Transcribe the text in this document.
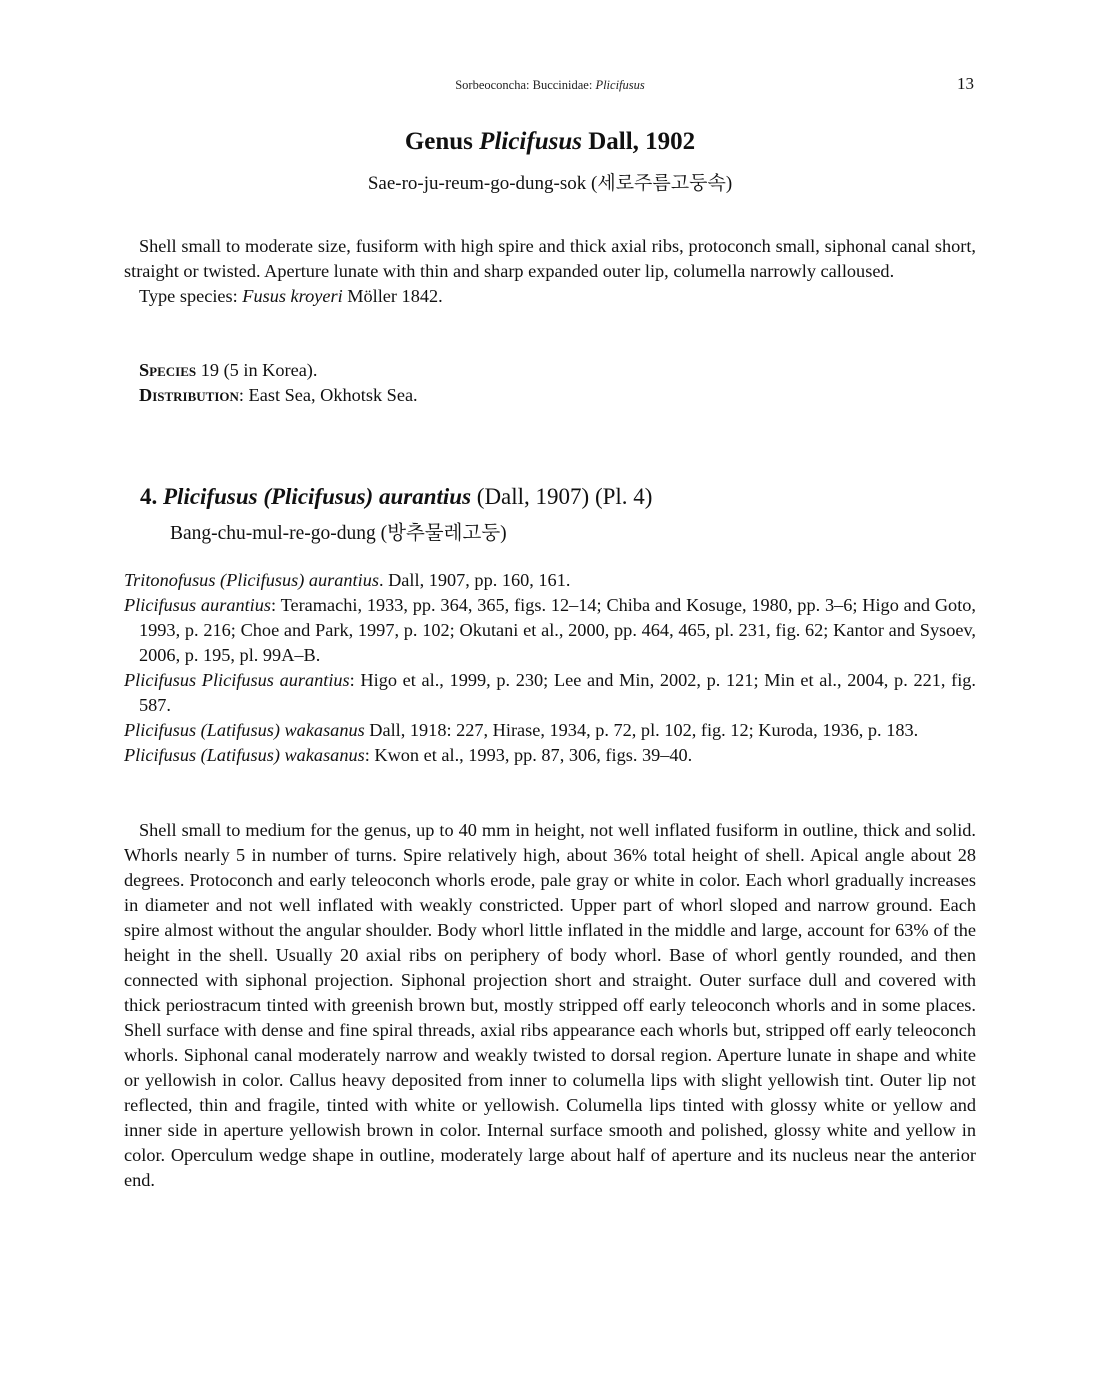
Sorbeoconcha: Buccinidae: Plicifusus	13
Genus Plicifusus Dall, 1902
Sae-ro-ju-reum-go-dung-sok (세로주름고둥속)

Shell small to moderate size, fusiform with high spire and thick axial ribs, protoconch small, siphonal canal short, straight or twisted. Aperture lunate with thin and sharp expanded outer lip, columella narrowly calloused.

Type species: Fusus kroyeri Möller 1842.

Species 19 (5 in Korea).

Distribution: East Sea, Okhotsk Sea.

4. Plicifusus (Plicifusus) aurantius (Dall, 1907) (Pl. 4)
Bang-chu-mul-re-go-dung (방추물레고둥)

Tritonofusus (Plicifusus) aurantius. Dall, 1907, pp. 160, 161.

Plicifusus aurantius: Teramachi, 1933, pp. 364, 365, figs. 12–14; Chiba and Kosuge, 1980, pp. 3–6; Higo and Goto, 1993, p. 216; Choe and Park, 1997, p. 102; Okutani et al., 2000, pp. 464, 465, pl. 231, fig. 62; Kantor and Sysoev, 2006, p. 195, pl. 99A–B.

Plicifusus Plicifusus aurantius: Higo et al., 1999, p. 230; Lee and Min, 2002, p. 121; Min et al., 2004, p. 221, fig. 587.

Plicifusus (Latifusus) wakasanus Dall, 1918: 227, Hirase, 1934, p. 72, pl. 102, fig. 12; Kuroda, 1936, p. 183.

Plicifusus (Latifusus) wakasanus: Kwon et al., 1993, pp. 87, 306, figs. 39–40.

Shell small to medium for the genus, up to 40 mm in height, not well inflated fusiform in outline, thick and solid. Whorls nearly 5 in number of turns. Spire relatively high, about 36% total height of shell. Apical angle about 28 degrees. Protoconch and early teleoconch whorls erode, pale gray or white in color. Each whorl gradually increases in diameter and not well inflated with weakly constricted. Upper part of whorl sloped and narrow ground. Each spire almost without the angular shoulder. Body whorl little inflated in the middle and large, account for 63% of the height in the shell. Usually 20 axial ribs on periphery of body whorl. Base of whorl gently rounded, and then connected with siphonal projection. Siphonal projection short and straight. Outer surface dull and covered with thick periostracum tinted with greenish brown but, mostly stripped off early teleoconch whorls and in some places. Shell surface with dense and fine spiral threads, axial ribs appearance each whorls but, stripped off early teleoconch whorls. Siphonal canal moderately narrow and weakly twisted to dorsal region. Aperture lunate in shape and white or yellowish in color. Callus heavy deposited from inner to columella lips with slight yellowish tint. Outer lip not reflected, thin and fragile, tinted with white or yellowish. Columella lips tinted with glossy white or yellow and inner side in aperture yellowish brown in color. Internal surface smooth and polished, glossy white and yellow in color. Operculum wedge shape in outline, moderately large about half of aperture and its nucleus near the anterior end.
